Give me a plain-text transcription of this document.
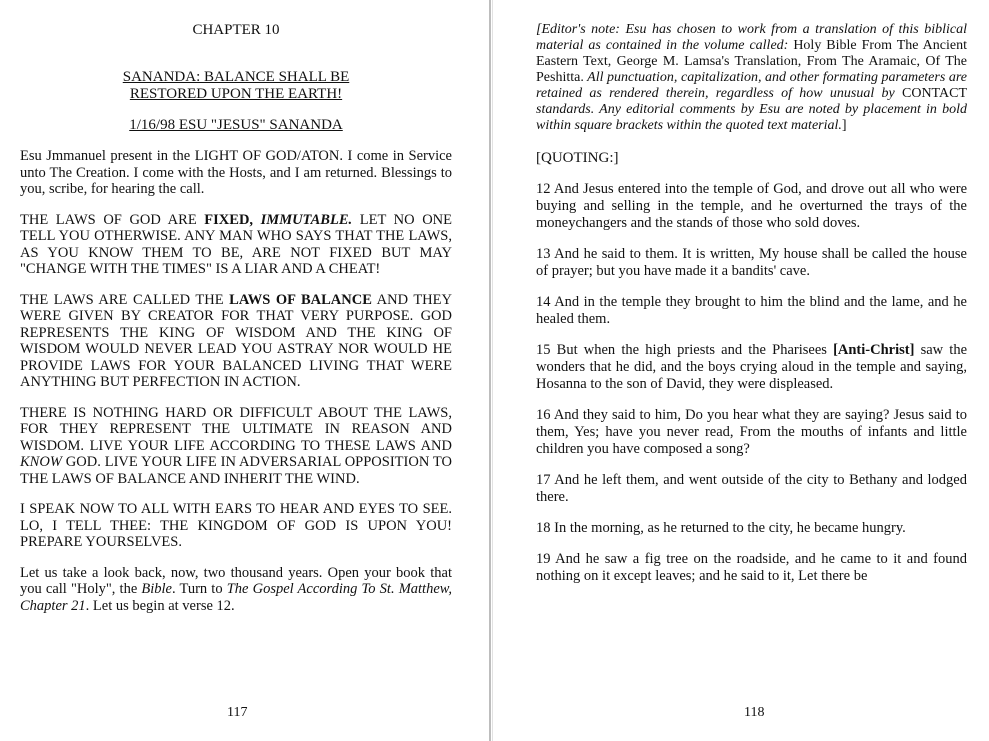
CHAPTER 10
SANANDA: BALANCE SHALL BE
RESTORED UPON THE EARTH!
1/16/98 ESU "JESUS" SANANDA

Esu Jmmanuel present in the LIGHT OF GOD/ATON. I come in Service unto The Creation. I come with the Hosts, and I am returned. Blessings to you, scribe, for hearing the call.

THE LAWS OF GOD ARE FIXED, IMMUTABLE. LET NO ONE TELL YOU OTHERWISE. ANY MAN WHO SAYS THAT THE LAWS, AS YOU KNOW THEM TO BE, ARE NOT FIXED BUT MAY "CHANGE WITH THE TIMES" IS A LIAR AND A CHEAT!

THE LAWS ARE CALLED THE LAWS OF BALANCE AND THEY WERE GIVEN BY CREATOR FOR THAT VERY PURPOSE. GOD REPRESENTS THE KING OF WISDOM AND THE KING OF WISDOM WOULD NEVER LEAD YOU ASTRAY NOR WOULD HE PROVIDE LAWS FOR YOUR BALANCED LIVING THAT WERE ANYTHING BUT PERFECTION IN ACTION.

THERE IS NOTHING HARD OR DIFFICULT ABOUT THE LAWS, FOR THEY REPRESENT THE ULTIMATE IN REASON AND WISDOM. LIVE YOUR LIFE ACCORDING TO THESE LAWS AND KNOW GOD. LIVE YOUR LIFE IN ADVERSARIAL OPPOSITION TO THE LAWS OF BALANCE AND INHERIT THE WIND.

I SPEAK NOW TO ALL WITH EARS TO HEAR AND EYES TO SEE. LO, I TELL THEE: THE KINGDOM OF GOD IS UPON YOU! PREPARE YOURSELVES.

Let us take a look back, now, two thousand years. Open your book that you call "Holy", the Bible. Turn to The Gospel According To St. Matthew, Chapter 21. Let us begin at verse 12.

117

[Editor's note: Esu has chosen to work from a translation of this biblical material as contained in the volume called: Holy Bible From The Ancient Eastern Text, George M. Lamsa's Translation, From The Aramaic, Of The Peshitta. All punctuation, capitalization, and other formating parameters are retained as rendered therein, regardless of how unusual by CONTACT standards. Any editorial comments by Esu are noted by placement in bold within square brackets within the quoted text material.]

[QUOTING:]

12 And Jesus entered into the temple of God, and drove out all who were buying and selling in the temple, and he overturned the trays of the moneychangers and the stands of those who sold doves.

13 And he said to them. It is written, My house shall be called the house of prayer; but you have made it a bandits' cave.

14 And in the temple they brought to him the blind and the lame, and he healed them.

15 But when the high priests and the Pharisees [Anti-Christ] saw the wonders that he did, and the boys crying aloud in the temple and saying, Hosanna to the son of David, they were displeased.

16 And they said to him, Do you hear what they are saying? Jesus said to them, Yes; have you never read, From the mouths of infants and little children you have composed a song?

17 And he left them, and went outside of the city to Bethany and lodged there.

18 In the morning, as he returned to the city, he became hungry.

19 And he saw a fig tree on the roadside, and he came to it and found nothing on it except leaves; and he said to it, Let there be

118
